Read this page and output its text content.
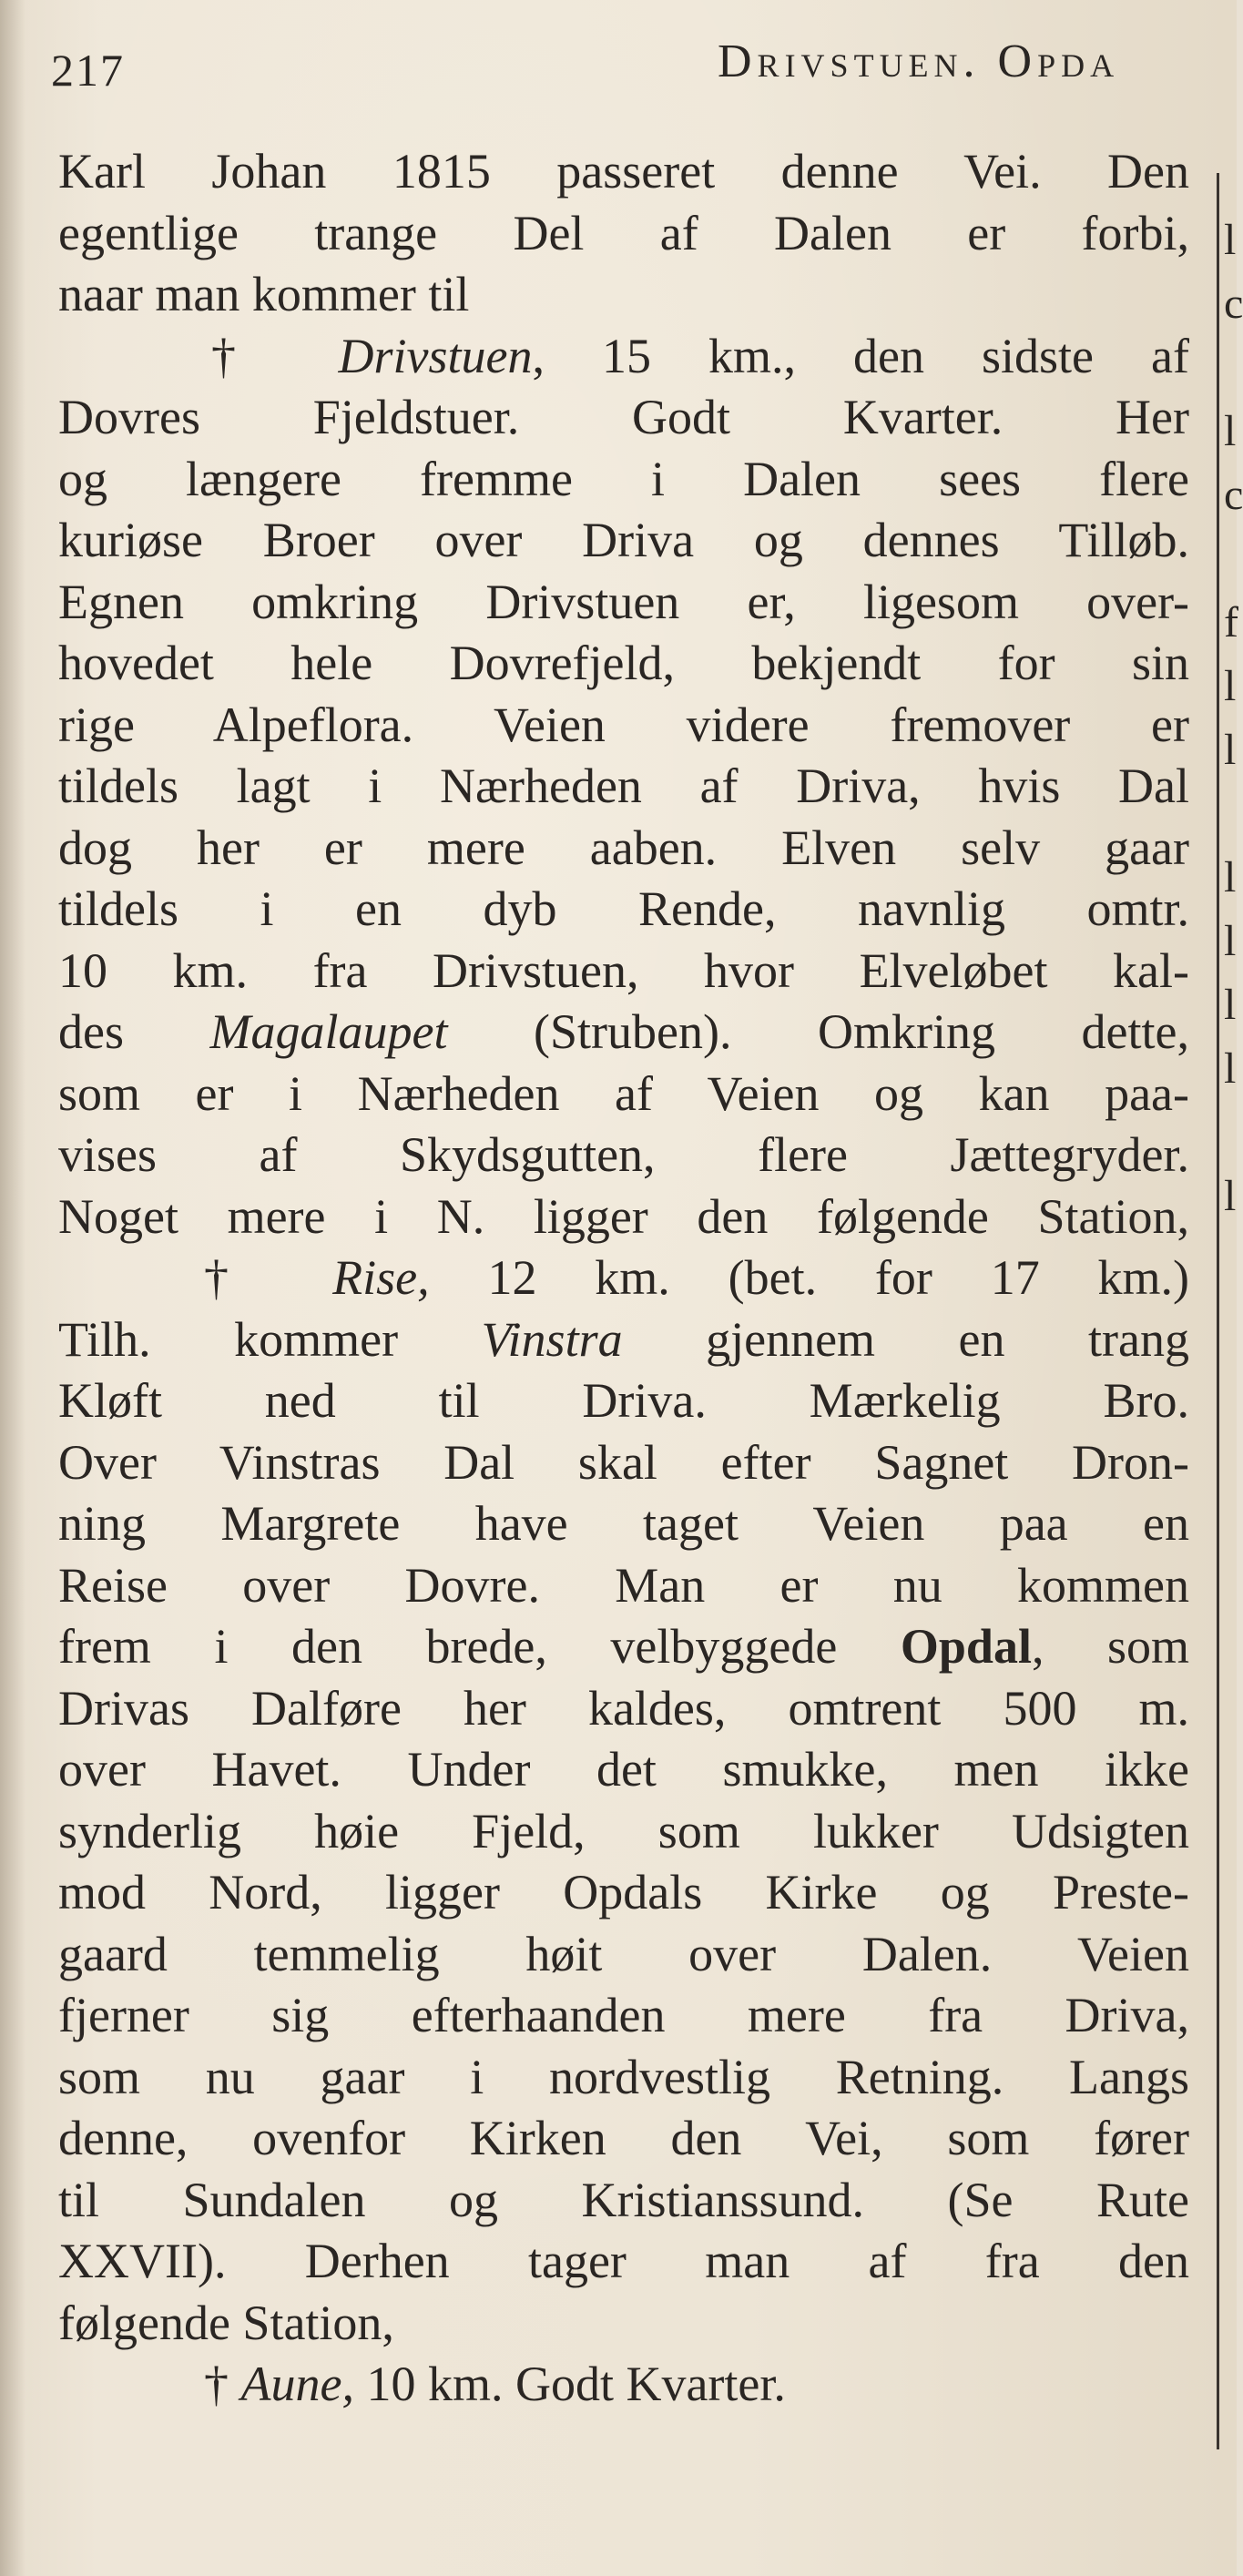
217	Drivstuen. Opda
Karl Johan 1815 passeret denne Vei. Den
egentlige trange Del af Dalen er forbi,
naar man kommer til
† Drivstuen, 15 km., den sidste af
Dovres Fjeldstuer. Godt Kvarter. Her
og længere fremme i Dalen sees flere
kuriøse Broer over Driva og dennes Tilløb.
Egnen omkring Drivstuen er, ligesom over-
hovedet hele Dovrefjeld, bekjendt for sin
rige Alpeflora. Veien videre fremover er
tildels lagt i Nærheden af Driva, hvis Dal
dog her er mere aaben. Elven selv gaar
tildels i en dyb Rende, navnlig omtr.
10 km. fra Drivstuen, hvor Elveløbet kal-
des Magalaupet (Struben). Omkring dette,
som er i Nærheden af Veien og kan paa-
vises af Skydsgutten, flere Jættegryder.
Noget mere i N. ligger den følgende Station,
† Rise, 12 km. (bet. for 17 km.)
Tilh. kommer Vinstra gjennem en trang
Kløft ned til Driva. Mærkelig Bro.
Over Vinstras Dal skal efter Sagnet Dron-
ning Margrete have taget Veien paa en
Reise over Dovre. Man er nu kommen
frem i den brede, velbyggede Opdal, som
Drivas Dalføre her kaldes, omtrent 500 m.
over Havet. Under det smukke, men ikke
synderlig høie Fjeld, som lukker Udsigten
mod Nord, ligger Opdals Kirke og Preste-
gaard temmelig høit over Dalen. Veien
fjerner sig efterhaanden mere fra Driva,
som nu gaar i nordvestlig Retning. Langs
denne, ovenfor Kirken den Vei, som fører
til Sundalen og Kristianssund. (Se Rute
XXVII). Derhen tager man af fra den
følgende Station,
† Aune, 10 km. Godt Kvarter.
l
c
l
c
f
l
l
l
l
l
l
l
